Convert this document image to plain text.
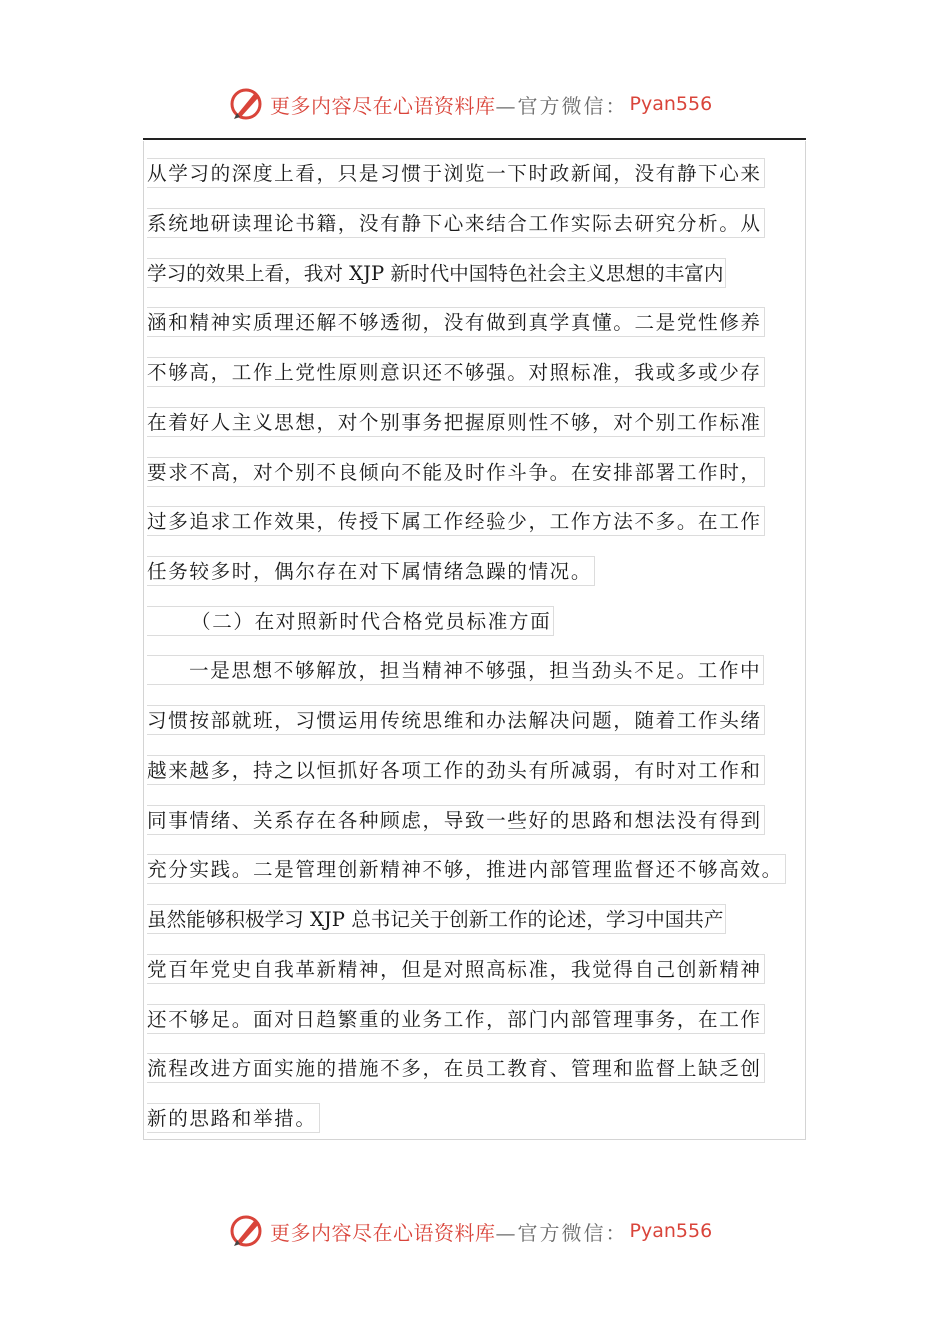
更多内容尽在心语资料库 —官方微信： Pyan556
从学习的深度上看，只是习惯于浏览一下时政新闻，没有静下心来
系统地研读理论书籍，没有静下心来结合工作实际去研究分析。从
学习的效果上看，我对 XJP 新时代中国特色社会主义思想的丰富内
涵和精神实质理还解不够透彻，没有做到真学真懂。二是党性修养
不够高，工作上党性原则意识还不够强。对照标准，我或多或少存
在着好人主义思想，对个别事务把握原则性不够，对个别工作标准
要求不高，对个别不良倾向不能及时作斗争。在安排部署工作时，
过多追求工作效果，传授下属工作经验少，工作方法不多。在工作
任务较多时，偶尔存在对下属情绪急躁的情况。
（二）在对照新时代合格党员标准方面
一是思想不够解放，担当精神不够强，担当劲头不足。工作中
习惯按部就班，习惯运用传统思维和办法解决问题，随着工作头绪
越来越多，持之以恒抓好各项工作的劲头有所减弱，有时对工作和
同事情绪、关系存在各种顾虑，导致一些好的思路和想法没有得到
充分实践。二是管理创新精神不够，推进内部管理监督还不够高效。
虽然能够积极学习 XJP 总书记关于创新工作的论述，学习中国共产
党百年党史自我革新精神，但是对照高标准，我觉得自己创新精神
还不够足。面对日趋繁重的业务工作，部门内部管理事务，在工作
流程改进方面实施的措施不多，在员工教育、管理和监督上缺乏创
新的思路和举措。
更多内容尽在心语资料库 —官方微信： Pyan556
